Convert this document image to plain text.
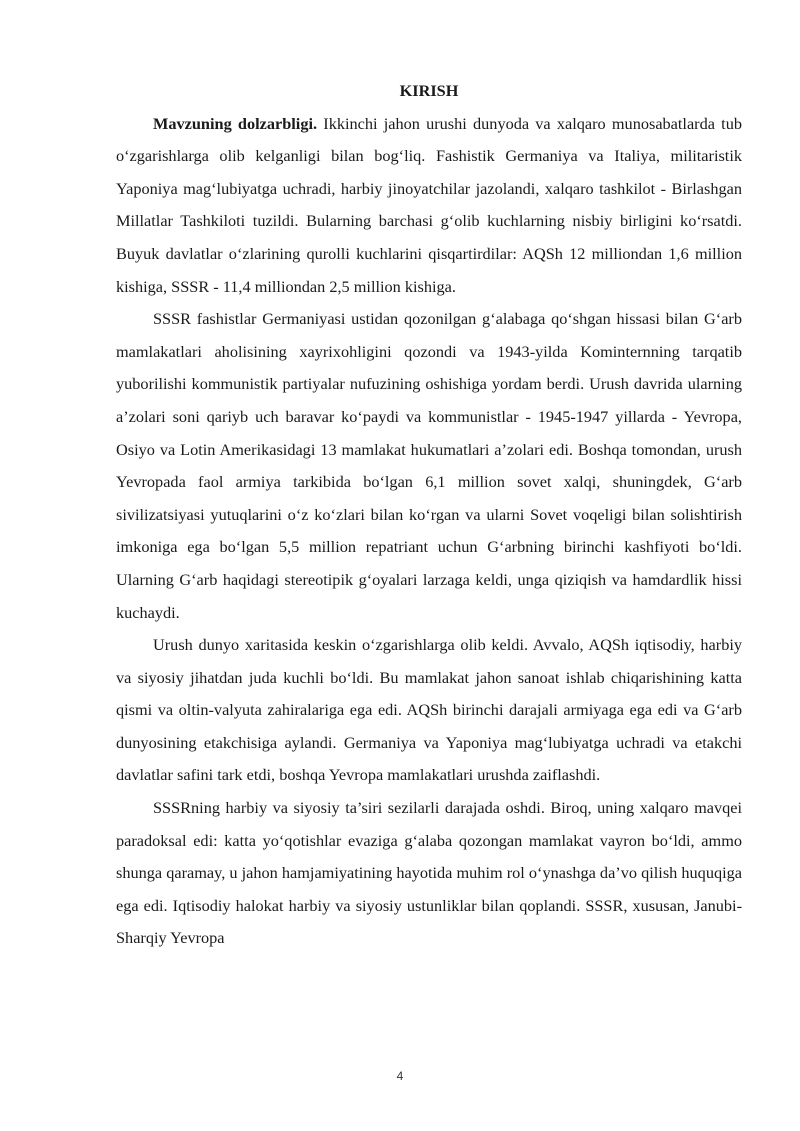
KIRISH

Mavzuning dolzarbligi. Ikkinchi jahon urushi dunyoda va xalqaro munosabatlarda tub o‘zgarishlarga olib kelganligi bilan bog‘liq. Fashistik Germaniya va Italiya, militaristik Yaponiya mag‘lubiyatga uchradi, harbiy jinoyatchilar jazolandi, xalqaro tashkilot - Birlashgan Millatlar Tashkiloti tuzildi. Bularning barchasi g‘olib kuchlarning nisbiy birligini ko‘rsatdi. Buyuk davlatlar o‘zlarining qurolli kuchlarini qisqartirdilar: AQSh 12 milliondan 1,6 million kishiga, SSSR - 11,4 milliondan 2,5 million kishiga.

SSSR fashistlar Germaniyasi ustidan qozonilgan g‘alabaga qo‘shgan hissasi bilan G‘arb mamlakatlari aholisining xayrixohligini qozondi va 1943-yilda Kominternning tarqatib yuborilishi kommunistik partiyalar nufuzining oshishiga yordam berdi. Urush davrida ularning a’zolari soni qariyb uch baravar ko‘paydi va kommunistlar - 1945-1947 yillarda - Yevropa, Osiyo va Lotin Amerikasidagi 13 mamlakat hukumatlari a’zolari edi. Boshqa tomondan, urush Yevropada faol armiya tarkibida bo‘lgan 6,1 million sovet xalqi, shuningdek, G‘arb sivilizatsiyasi yutuqlarini o‘z ko‘zlari bilan ko‘rgan va ularni Sovet voqeligi bilan solishtirish imkoniga ega bo‘lgan 5,5 million repatriant uchun G‘arbning birinchi kashfiyoti bo‘ldi. Ularning G‘arb haqidagi stereotipik g‘oyalari larzaga keldi, unga qiziqish va hamdardlik hissi kuchaydi.

Urush dunyo xaritasida keskin o‘zgarishlarga olib keldi. Avvalo, AQSh iqtisodiy, harbiy va siyosiy jihatdan juda kuchli bo‘ldi. Bu mamlakat jahon sanoat ishlab chiqarishining katta qismi va oltin-valyuta zahiralariga ega edi. AQSh birinchi darajali armiyaga ega edi va G‘arb dunyosining etakchisiga aylandi. Germaniya va Yaponiya mag‘lubiyatga uchradi va etakchi davlatlar safini tark etdi, boshqa Yevropa mamlakatlari urushda zaiflashdi.

SSSRning harbiy va siyosiy ta’siri sezilarli darajada oshdi. Biroq, uning xalqaro mavqei paradoksal edi: katta yo‘qotishlar evaziga g‘alaba qozongan mamlakat vayron bo‘ldi, ammo shunga qaramay, u jahon hamjamiyatining hayotida muhim rol o‘ynashga da’vo qilish huquqiga ega edi. Iqtisodiy halokat harbiy va siyosiy ustunliklar bilan qoplandi. SSSR, xususan, Janubi-Sharqiy Yevropa

4
